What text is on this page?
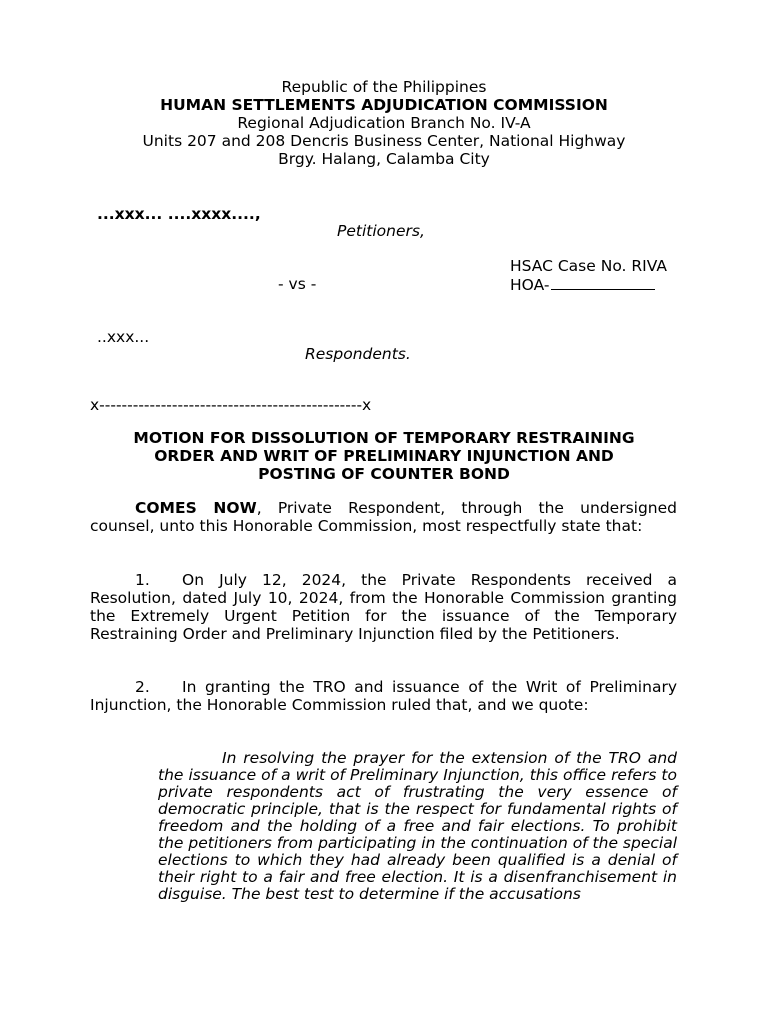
Republic of the Philippines
HUMAN SETTLEMENTS ADJUDICATION COMMISSION
Regional Adjudication Branch No. IV-A
Units 207 and 208 Dencris Business Center, National Highway
Brgy. Halang, Calamba City
...xxx... ....xxxx....,
Petitioners,
HSAC Case No. RIVA
- vs -	HOA-
..xxx...
Respondents.
x-----------------------------------------------x
MOTION FOR DISSOLUTION OF TEMPORARY RESTRAINING
ORDER AND WRIT OF PRELIMINARY INJUNCTION AND
POSTING OF COUNTER BOND
COMES NOW, Private Respondent, through the undersigned counsel, unto this Honorable Commission, most respectfully state that:
1. On July 12, 2024, the Private Respondents received a Resolution, dated July 10, 2024, from the Honorable Commission granting the Extremely Urgent Petition for the issuance of the Temporary Restraining Order and Preliminary Injunction filed by the Petitioners.
2. In granting the TRO and issuance of the Writ of Preliminary Injunction, the Honorable Commission ruled that, and we quote:
In resolving the prayer for the extension of the TRO and the issuance of a writ of Preliminary Injunction, this office refers to private respondents act of frustrating the very essence of democratic principle, that is the respect for fundamental rights of freedom and the holding of a free and fair elections. To prohibit the petitioners from participating in the continuation of the special elections to which they had already been qualified is a denial of their right to a fair and free election. It is a disenfranchisement in disguise. The best test to determine if the accusations
